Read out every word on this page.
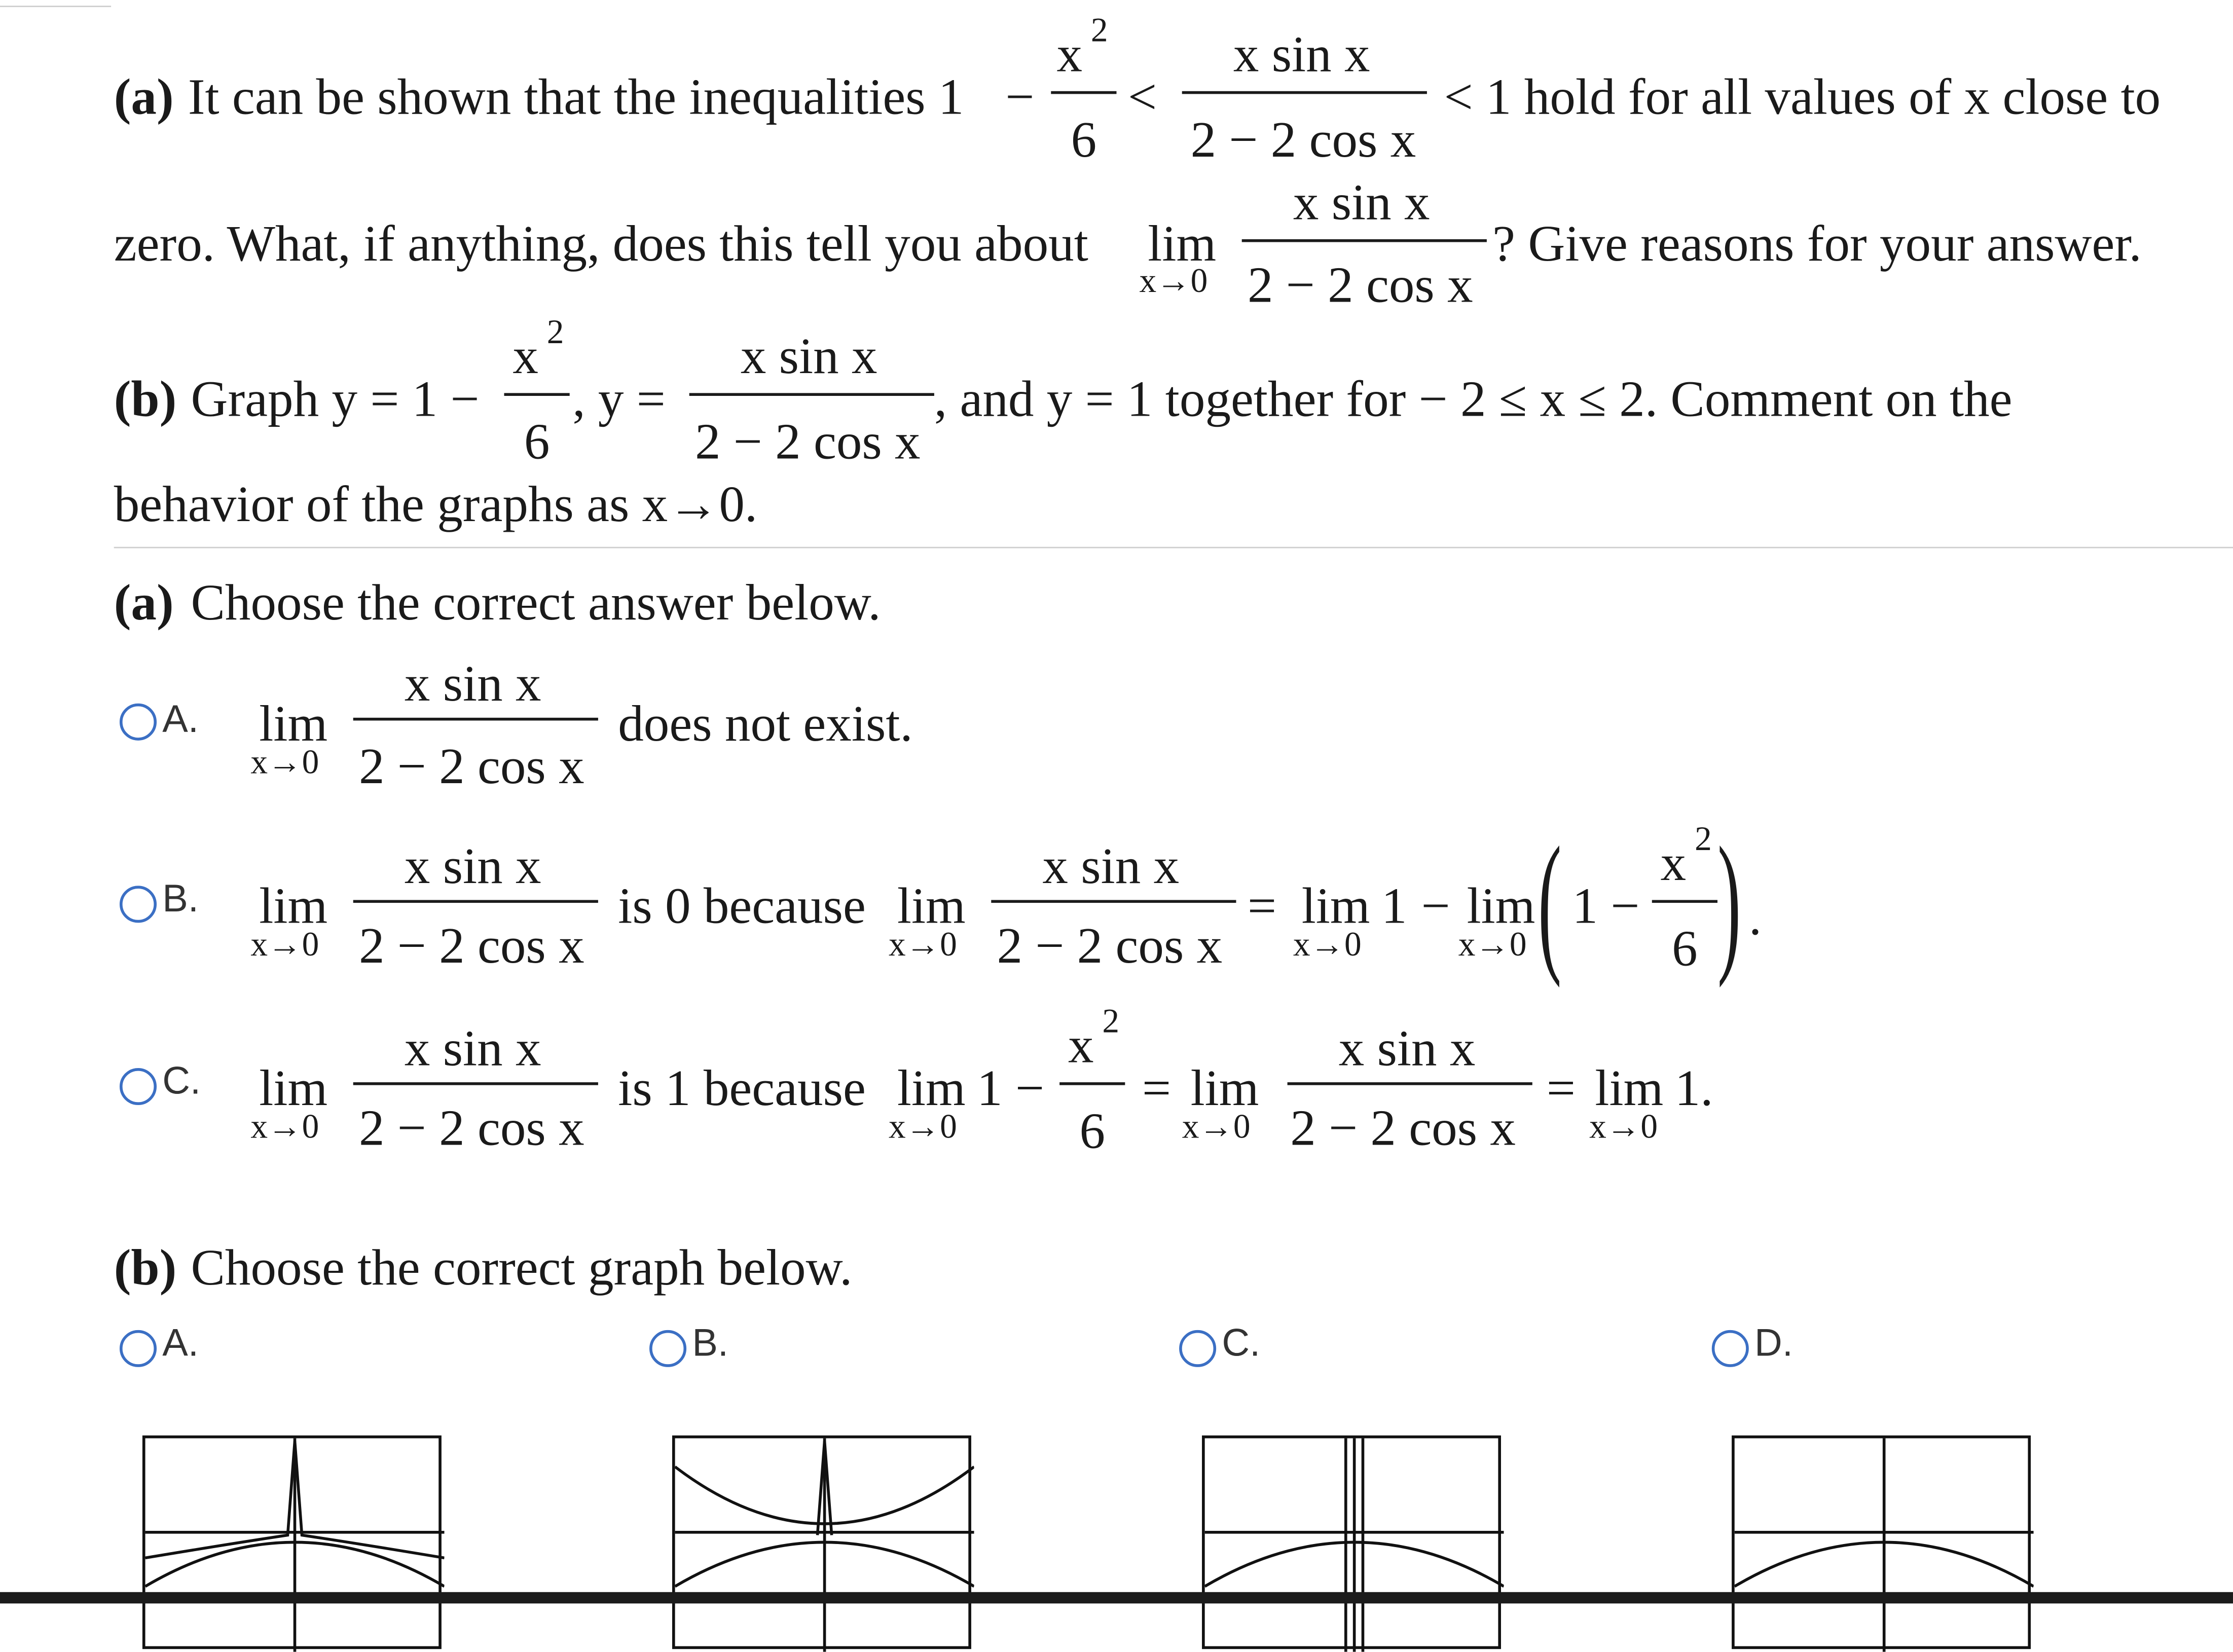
(a) It can be shown that the inequalities 1 −
x 2
6
<
x sin x
2 − 2 cos x
< 1 hold for all values of x close to
zero. What, if anything, does this tell you about	lim
x→0
x sin x
2 − 2 cos x
? Give reasons for your answer.
(b) Graph y = 1 −
x 2
6
, y =
x sin x
2 − 2 cos x
, and y = 1 together for − 2 ≤ x ≤ 2. Comment on the
behavior of the graphs as x→0.
(a) Choose the correct answer below.
A.	lim
x→0
x sin x
2 − 2 cos x
does not exist.
B.	lim
x→0
x sin x
2 − 2 cos x
is 0 because lim
x→0
x sin x
2 − 2 cos x
= lim
x→0
1 − lim
x→0 ( 1 −
x 2
6 ) .
C.	lim
x→0
x sin x
2 − 2 cos x
is 1 because lim
x→0
1 −
x 2
6
= lim
x→0
x sin x
2 − 2 cos x
= lim
x→0
1.
(b) Choose the correct graph below.
A.	B.	C.	D.
